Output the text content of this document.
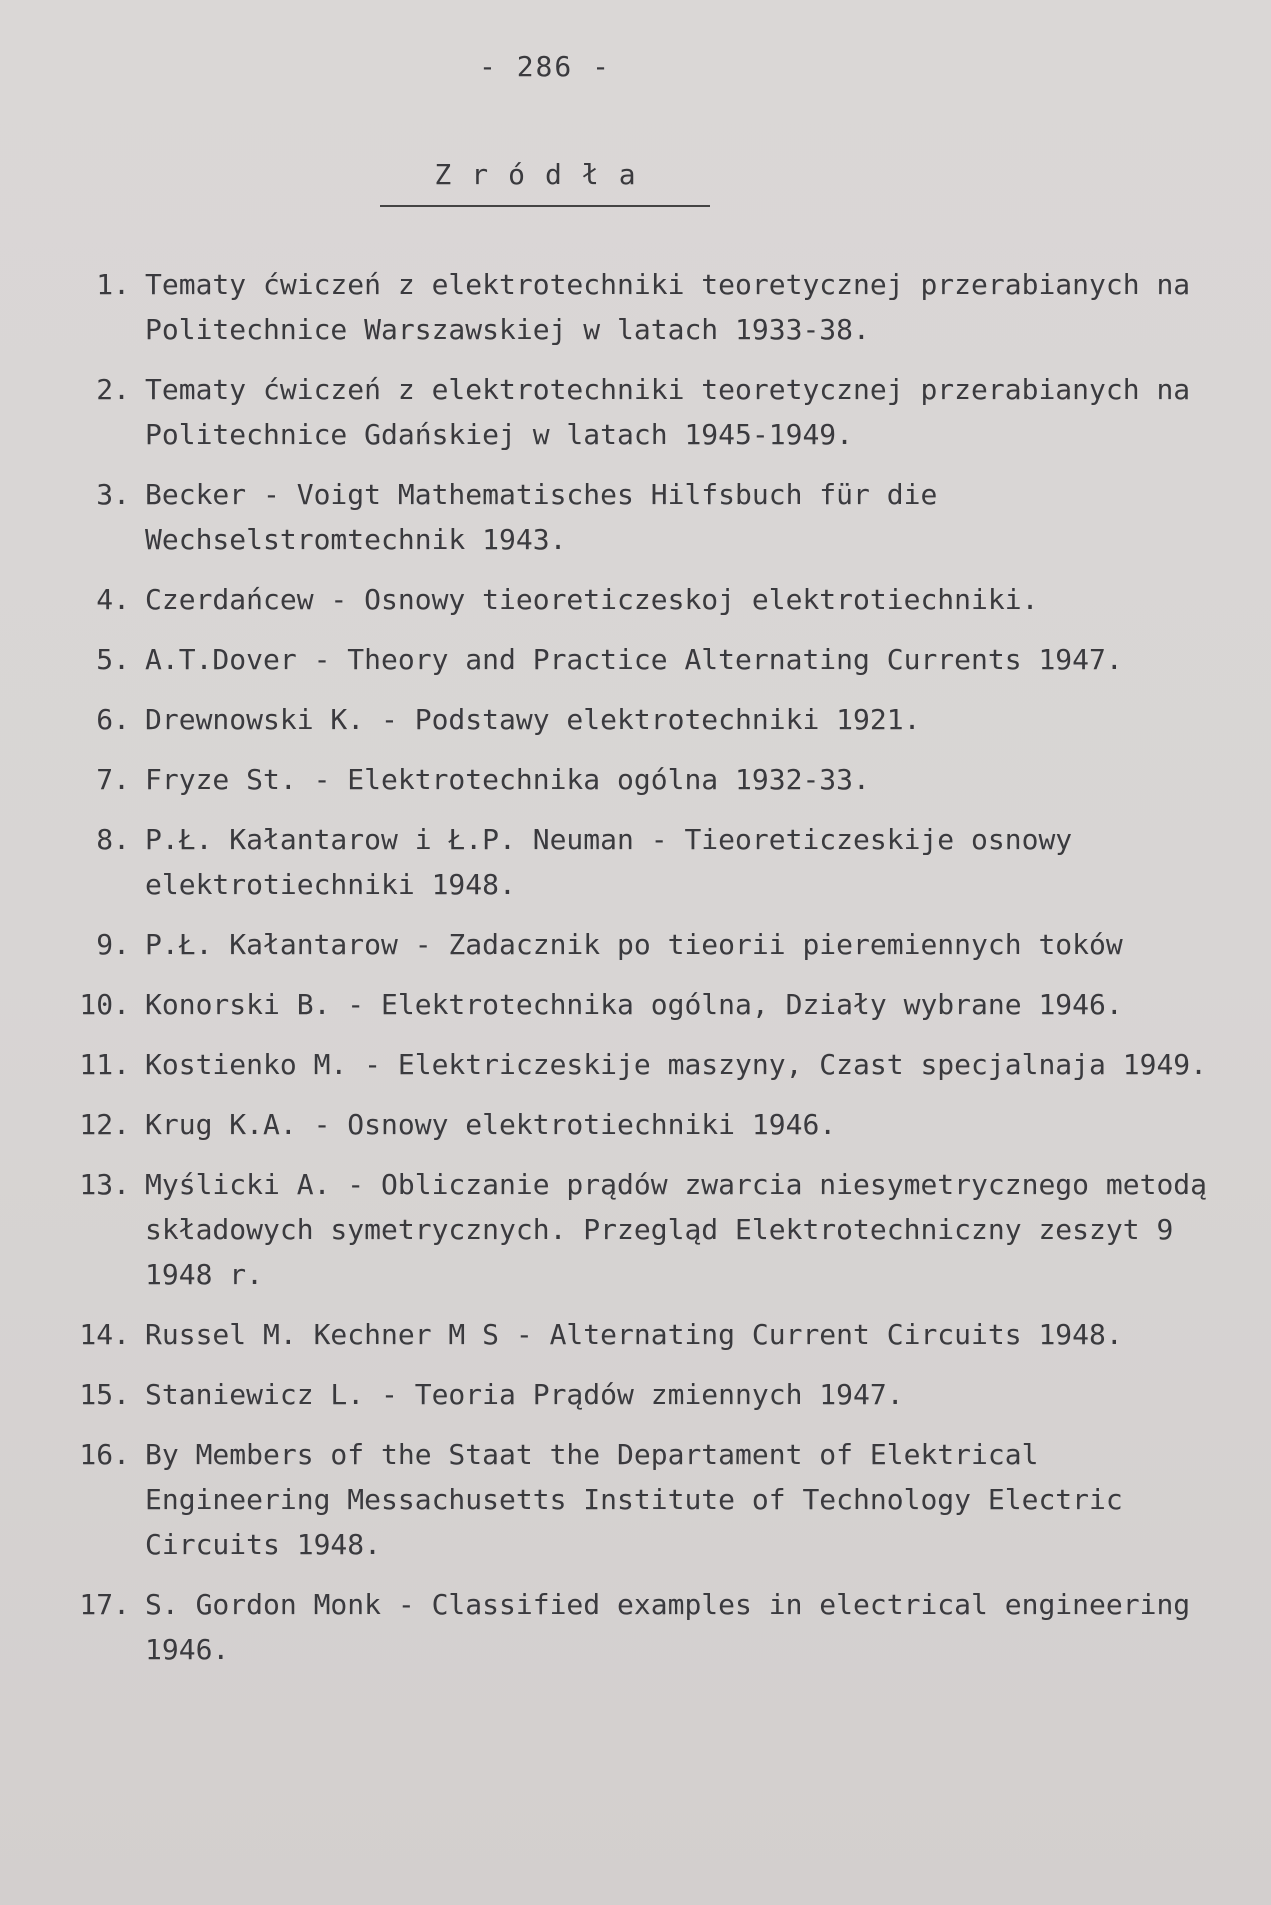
- 286 -
Zródła
1. Tematy ćwiczeń z elektrotechniki teoretycznej przerabianych na Politechnice Warszawskiej w latach 1933-38.
2. Tematy ćwiczeń z elektrotechniki teoretycznej przerabianych na Politechnice Gdańskiej w latach 1945-1949.
3. Becker - Voigt Mathematisches Hilfsbuch für die Wechselstromtechnik 1943.
4. Czerdańcew - Osnowy tieoreticzeskoj elektrotiechniki.
5. A.T.Dover - Theory and Practice Alternating Currents 1947.
6. Drewnowski K. - Podstawy elektrotechniki 1921.
7. Fryze St. - Elektrotechnika ogólna 1932-33.
8. P.Ł. Kałantarow i Ł.P. Neuman - Tieoreticzeskije osnowy elektrotiechniki 1948.
9. P.Ł. Kałantarow - Zadacznik po tieorii pieremiennych toków
10. Konorski B. - Elektrotechnika ogólna, Działy wybrane 1946.
11. Kostienko M. - Elektriczeskije maszyny, Czast specjalnaja 1949.
12. Krug K.A. - Osnowy elektrotiechniki 1946.
13. Myślicki A. - Obliczanie prądów zwarcia niesymetrycznego metodą składowych symetrycznych. Przegląd Elektrotechniczny zeszyt 9 1948 r.
14. Russel M. Kechner M S - Alternating Current Circuits 1948.
15. Staniewicz L. - Teoria Prądów zmiennych 1947.
16. By Members of the Staat the Departament of Elektrical Engineering Messachusetts Institute of Technology Electric Circuits 1948.
17. S. Gordon Monk - Classified examples in electrical engineering 1946.
